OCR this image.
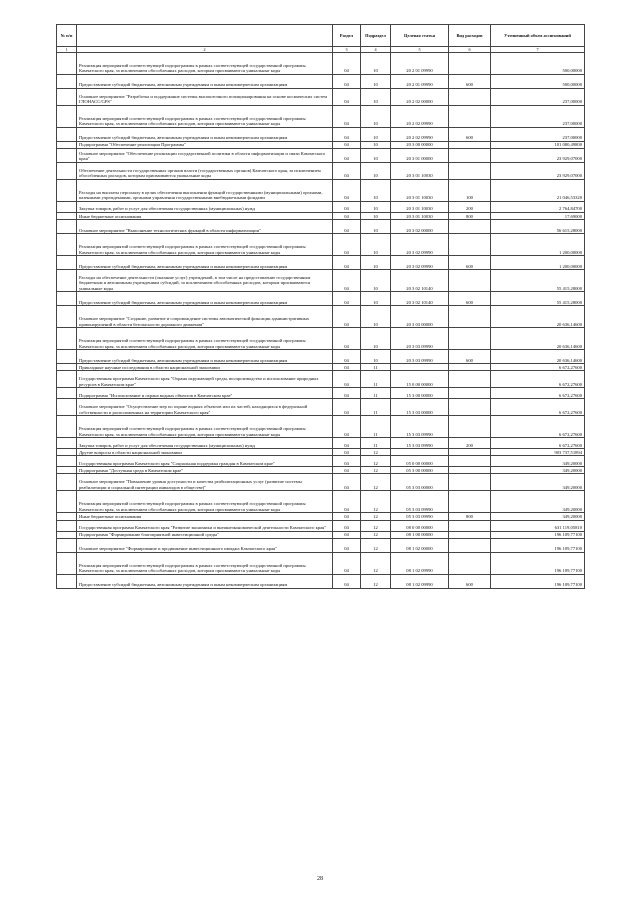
№ п/п		Раздел	Подраздел	Целевая статья	Вид расходов	Уточненный объем ассигнований
1	2	3	4	5	6	7
	Реализация мероприятий соответствующей подпрограммы в рамках соответствующей государственной программы Камчатского края, за исключением обособленных расходов, которым присваиваются уникальные коды	04	10	20 2 01 09990		500,00000
	Предоставление субсидий бюджетным, автономным учреждениям и иным некоммерческим организациям	04	10	20 2 01 09990	600	500,00000
	Основное мероприятие "Разработка и поддержание системы высокоточного позиционирования на основе космических систем ГЛОНАСС/GPS"	04	10	20 2 02 00000		237,00000
	Реализация мероприятий соответствующей подпрограммы в рамках соответствующей государственной программы Камчатского края, за исключением обособленных расходов, которым присваиваются уникальные коды	04	10	20 2 02 09990		237,00000
	Предоставление субсидий бюджетным, автономным учреждениям и иным некоммерческим организациям	04	10	20 2 02 09990	600	237,00000
	Подпрограмма "Обеспечение реализации Программы"	04	10	20 3 00 00000		101 080,49800
	Основное мероприятие "Обеспечение реализации государственной политики в области информатизации и связи Камчатского края"	04	10	20 3 01 00000		23 929,07000
	Обеспечение деятельности государственных органов власти (государственных органов) Камчатского края, за исключением обособленных расходов, которым присваиваются уникальные коды	04	10	20 3 01 10030		23 929,07000
	Расходы на выплаты персоналу в целях обеспечения выполнения функций государственными (муниципальными) органами, казенными учреждениями, органами управления государственными внебюджетными фондами	04	10	20 3 01 10030	100	21 046,53320
	Закупка товаров, работ и услуг для обеспечения государственных (муниципальных) нужд	04	10	20 3 01 10030	200	2 764,84700
	Иные бюджетные ассигнования	04	10	20 3 01 10030	800	17,69000
	Основное мероприятие "Выполнение технологических функций в области информатизации"	04	10	20 3 02 00000		56 615,28000
	Реализация мероприятий соответствующей подпрограммы в рамках соответствующей государственной программы Камчатского края, за исключением обособленных расходов, которым присваиваются уникальные коды	04	10	20 3 02 09990		1 200,00000
	Предоставление субсидий бюджетным, автономным учреждениям и иным некоммерческим организациям	04	10	20 3 02 09990	600	1 200,00000
	Расходы на обеспечение деятельности (оказание услуг) учреждений, в том числе на предоставление государственным бюджетным и автономным учреждениям субсидий, за исключением обособленных расходов, которым присваиваются уникальные коды	04	10	20 3 02 10140		55 415,28000
	Предоставление субсидий бюджетным, автономным учреждениям и иным некоммерческим организациям	04	10	20 3 02 10140	600	55 415,28000
	Основное мероприятие "Создание, развитие и сопровождение системы автоматической фиксации административных правонарушений в области безопасности дорожного движения"	04	10	20 3 03 00000		20 636,14600
	Реализация мероприятий соответствующей подпрограммы в рамках соответствующей государственной программы Камчатского края, за исключением обособленных расходов, которым присваиваются уникальные коды	04	10	20 3 03 09990		20 636,14600
	Предоставление субсидий бюджетным, автономным учреждениям и иным некоммерческим организациям	04	10	20 3 03 09990	600	20 636,14600
	Прикладные научные исследования в области национальной экономики	04	11			6 672,27600
	Государственная программа Камчатского края "Охрана окружающей среды, воспроизводство и использование природных ресурсов в Камчатском крае"	04	11	15 0 00 00000		6 672,27600
	Подпрограмма "Использование и охрана водных объектов в Камчатском крае"	04	11	15 3 00 00000		6 672,27600
	Основное мероприятие "Осуществление мер по охране водных объектов или их частей, находящихся в федеральной собственности и расположенных на территории Камчатского края"	04	11	15 3 03 00000		6 672,27600
	Реализация мероприятий соответствующей подпрограммы в рамках соответствующей государственной программы Камчатского края, за исключением обособленных расходов, которым присваиваются уникальные коды	04	11	15 3 03 09990		6 672,27600
	Закупка товаров, работ и услуг для обеспечения государственных (муниципальных) нужд	04	11	15 3 03 09990	200	6 672,27600
	Другие вопросы в области национальной экономики	04	12			903 737,51894
	Государственная программа Камчатского края "Социальная поддержка граждан в Камчатском крае"	04	12	05 0 00 00000		349,20000
	Подпрограмма "Доступная среда в Камчатском крае"	04	12	05 3 00 00000		349,20000
	Основное мероприятие "Повышение уровня доступности и качества реабилитационных услуг (развитие системы реабилитации и социальной интеграции инвалидов в обществе)"	04	12	05 3 03 00000		349,20000
	Реализация мероприятий соответствующей подпрограммы в рамках соответствующей государственной программы Камчатского края, за исключением обособленных расходов, которым присваиваются уникальные коды	04	12	05 3 03 09990		349,20000
	Иные бюджетные ассигнования	04	12	05 3 03 09990	800	349,20000
	Государственная программа Камчатского края "Развитие экономики и внешнеэкономической деятельности Камчатского края"	04	12	08 0 00 00000		631 119,05810
	Подпрограмма "Формирование благоприятной инвестиционной среды"	04	12	08 1 00 00000		196 109,77100
	Основное мероприятие "Формирование и продвижение инвестиционного имиджа Камчатского края"	04	12	08 1 02 00000		196 109,77100
	Реализация мероприятий соответствующей подпрограммы в рамках соответствующей государственной программы Камчатского края, за исключением обособленных расходов, которым присваиваются уникальные коды	04	12	08 1 02 09990		196 109,77100
	Предоставление субсидий бюджетным, автономным учреждениям и иным некоммерческим организациям	04	12	08 1 02 09990	600	196 109,77100
28
